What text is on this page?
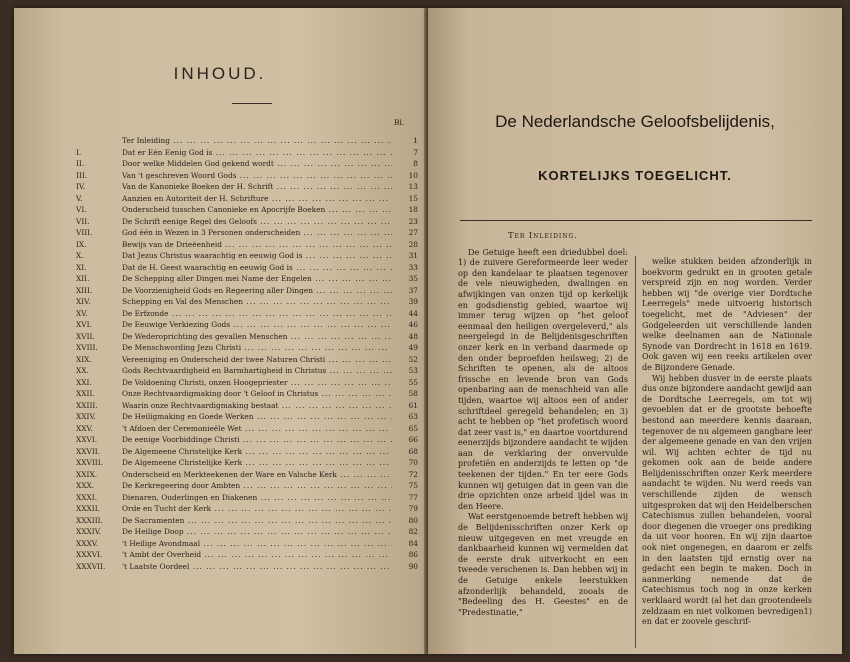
INHOUD.
Bl.
Ter Inleiding ... .	1
I.	Dat er Eén Eenig God is ... .	7
II.	Door welke Middelen God gekend wordt ... .	8
III.	Van 't geschreven Woord Gods ... .	10
IV.	Van de Kanonieke Boeken der H. Schrift ... .	13
V.	Aanzien en Autoriteit der H. Schrifture ... .	15
VI.	Onderscheid tusschen Canonieke en Apocrijfe Boeken ... .	18
VII.	De Schrift eenige Regel des Geloofs ... .	23
VIII.	God één in Wezen in 3 Personen onderscheiden ... .	27
IX.	Bewijs van de Drieëenheid ... .	28
X.	Dat Jezus Christus waarachtig en eeuwig God is ... .	31
XI.	Dat de H. Geest waarachtig en eeuwig God is ... .	33
XII.	De Schepping aller Dingen mei Name der Engelen ... .	35
XIII.	De Voorzienigheid Gods en Regeering aller Dingen ... .	37
XIV.	Schepping en Val des Menschen ... .	39
XV.	De Erfzonde ... .	44
XVI.	De Eeuwige Verkiezing Gods ... .	46
XVII.	De Wederoprichting des gevallen Menschen ... .	48
XVIII.	De Menschwording Jezu Christi ... .	49
XIX.	Vereeniging en Onderscheid der twee Naturen Christi ... .	52
XX.	Gods Rechtvaardigheid en Barmhartigheid in Christus ... .	53
XXI.	De Voldoening Christi, onzen Hoogepriester ... .	55
XXII.	Onze Rechtvaardigmaking door 't Geloof in Christus ... .	58
XXIII.	Waarin onze Rechtvaardigmaking bestaat ... .	61
XXIV.	De Heiligmaking en Goede Werken ... .	63
XXV.	't Afdoen der Ceremonieële Wet ... .	65
XXVI.	De eenige Voorbiddinge Christi ... .	66
XXVII.	De Algemeene Christelijke Kerk ... .	68
XXVIII.	De Algemeene Christelijke Kerk ... .	70
XXIX.	Onderscheid en Merkteekenen der Ware en Valsche Kerk ... .	72
XXX.	De Kerkregeering door Ambten ... .	75
XXXI.	Dienaren, Ouderlingen en Diakenen ... .	77
XXXII.	Orde en Tucht der Kerk ... .	79
XXXIII.	De Sacramenten ... .	80
XXXIV.	De Heilige Doop ... .	82
XXXV.	't Heilige Avondmaal ... .	84
XXXVI.	't Ambt der Overheid ... .	86
XXXVII.	't Laatste Oordeel ... .	90
De Nederlandsche Geloofsbelijdenis,
KORTELIJKS TOEGELICHT.

Ter Inleiding.

De Getuige heeft een driedubbel doel: 1) de zuivere Gereformeerde leer weder op den kandelaar te plaatsen tegenover de vele nieuwigheden, dwalingen en afwijkingen van onzen tijd op kerkelijk en godsdienstig gebied, waartoe wij immer terug wijzen op "het geloof eenmaal den heiligen overgeleverd," als neergelegd in de Belijdenisgeschriften onzer kerk en in verband daarmede op den onder beproefden heilsweg; 2) de Schriften te openen, als de altoos frissche en levende bron van Gods openbaring aan de menschheid van alle tijden, waartoe wij altoos een of ander schriftdeel geregeld behandelen; en 3) acht te hebben op "het profetisch woord dat zeer vast is," en daartoe voortdurend eenerzijds bijzondere aandacht te wijden aan de verklaring der onvervulde profetiën en anderzijds te letten op "de teekenen der tijden." En ter eere Gods kunnen wij getuigen dat in geen van die drie opzichten onze arbeid ijdel was in den Heere.

Wat eerstgenoemde betreft hebben wij de Belijdenisschriften onzer Kerk op nieuw uitgegeven en met vreugde en dankbaarheid kunnen wij vermelden dat de eerste druk uitverkocht en een tweede verschenen is. Dan hebben wij in de Getuige enkele leerstukken afzonderlijk behandeld, zooals de "Bedeeling des H. Geestes" en de "Predestinatie,"

welke stukken beiden afzonderlijk in boekvorm gedrukt en in grooten getale verspreid zijn en nog worden. Verder hebben wij "de overige vier Dordtsche Leerregels" mede uitvoerig historisch toegelicht, met de "Adviesen" der Godgeleerden uit verschillende landen welke deelnamen aan de Nationale Synode van Dordrecht in 1618 en 1619. Ook gaven wij een reeks artikelen over de Bijzondere Genade.

Wij hebben dusver in de eerste plaats dus onze bijzondere aandacht gewijd aan de Dordtsche Leerregels, om tot wij gevoeblen dat er de grootste behoefte bestond aan meerdere kennis daaraan, tegenover de nu algemeen gangbare leer der algemeene genade en van den vrijen wil. Wij achten echter de tijd nu gekomen ook aan de beide andere Belijdenisschriften onzer Kerk meerdere aandacht te wijden. Nu werd reeds van verschillende zijden de wensch uitgesproken dat wij den Heidelberschen Catechismus zullen behandelen, vooral door diegenen die vroeger ons prediking da uit voor hooren. En wij zijn daartoe ook niet ongenegen, en daarom er zelfs in den laatsten tijd ernstig over na gedacht een begin te maken. Doch in aanmerking nemende dat de Catechismus toch nog in onze kerken verklaard wordt (al het dan grootendeels zeldzaam en niet volkomen bevredigen1) en dat er zoovele geschrif-
